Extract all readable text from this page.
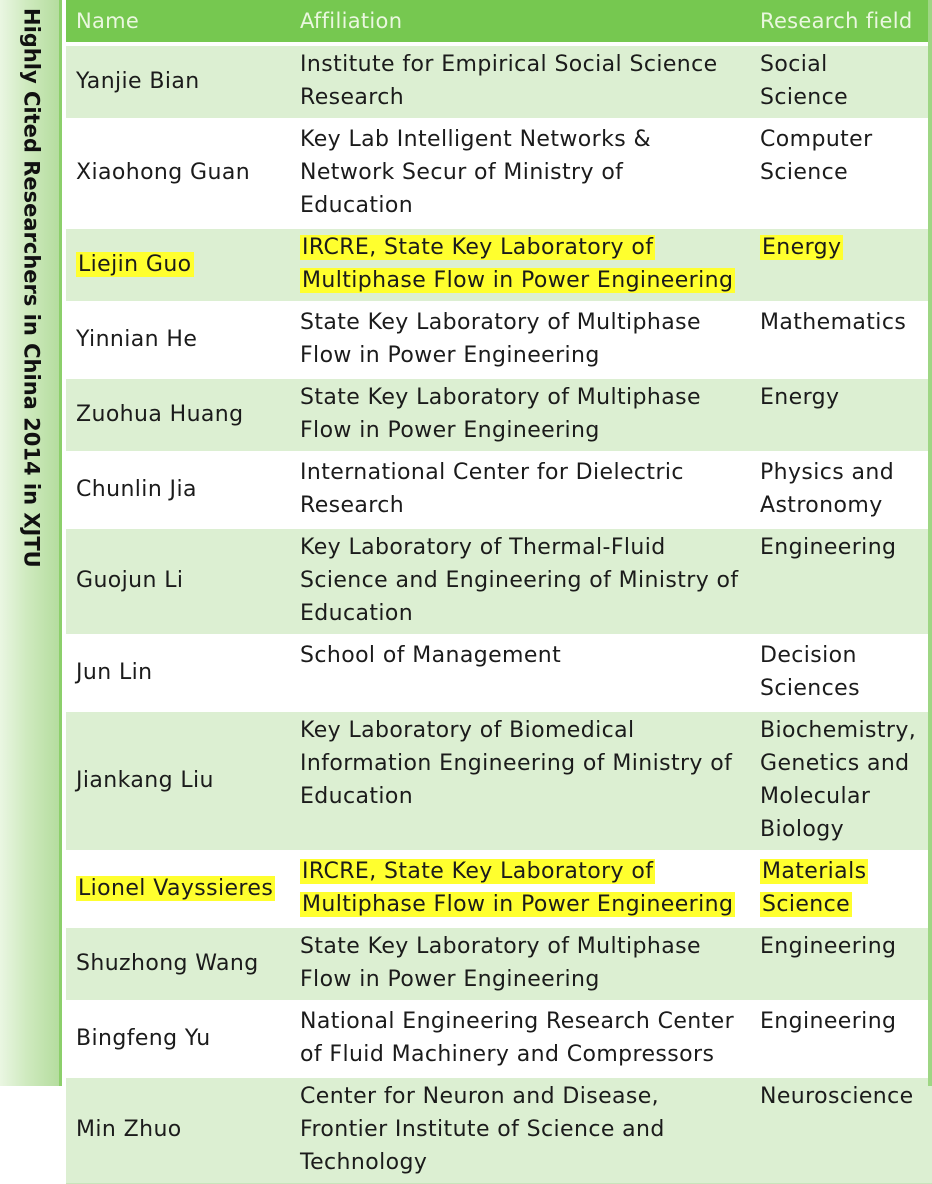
Highly Cited Researchers in China 2014 in XJTU Name	Affiliation	Research field
Yanjie Bian	Institute for Empirical Social Science Research	Social Science
Xiaohong Guan	Key Lab Intelligent Networks & Network Secur of Ministry of Education	Computer Science
Liejin Guo	IRCRE, State Key Laboratory of Multiphase Flow in Power Engineering	Energy
Yinnian He	State Key Laboratory of Multiphase Flow in Power Engineering	Mathematics
Zuohua Huang	State Key Laboratory of Multiphase Flow in Power Engineering	Energy
Chunlin Jia	International Center for Dielectric Research	Physics and Astronomy
Guojun Li	Key Laboratory of Thermal-Fluid Science and Engineering of Ministry of Education	Engineering
Jun Lin	School of Management	Decision Sciences
Jiankang Liu	Key Laboratory of Biomedical Information Engineering of Ministry of Education	Biochemistry, Genetics and Molecular Biology
Lionel Vayssieres	IRCRE, State Key Laboratory of Multiphase Flow in Power Engineering	Materials Science
Shuzhong Wang	State Key Laboratory of Multiphase Flow in Power Engineering	Engineering
Bingfeng Yu	National Engineering Research Center of Fluid Machinery and Compressors	Engineering
Min Zhuo	Center for Neuron and Disease, Frontier Institute of Science and Technology	Neuroscience
